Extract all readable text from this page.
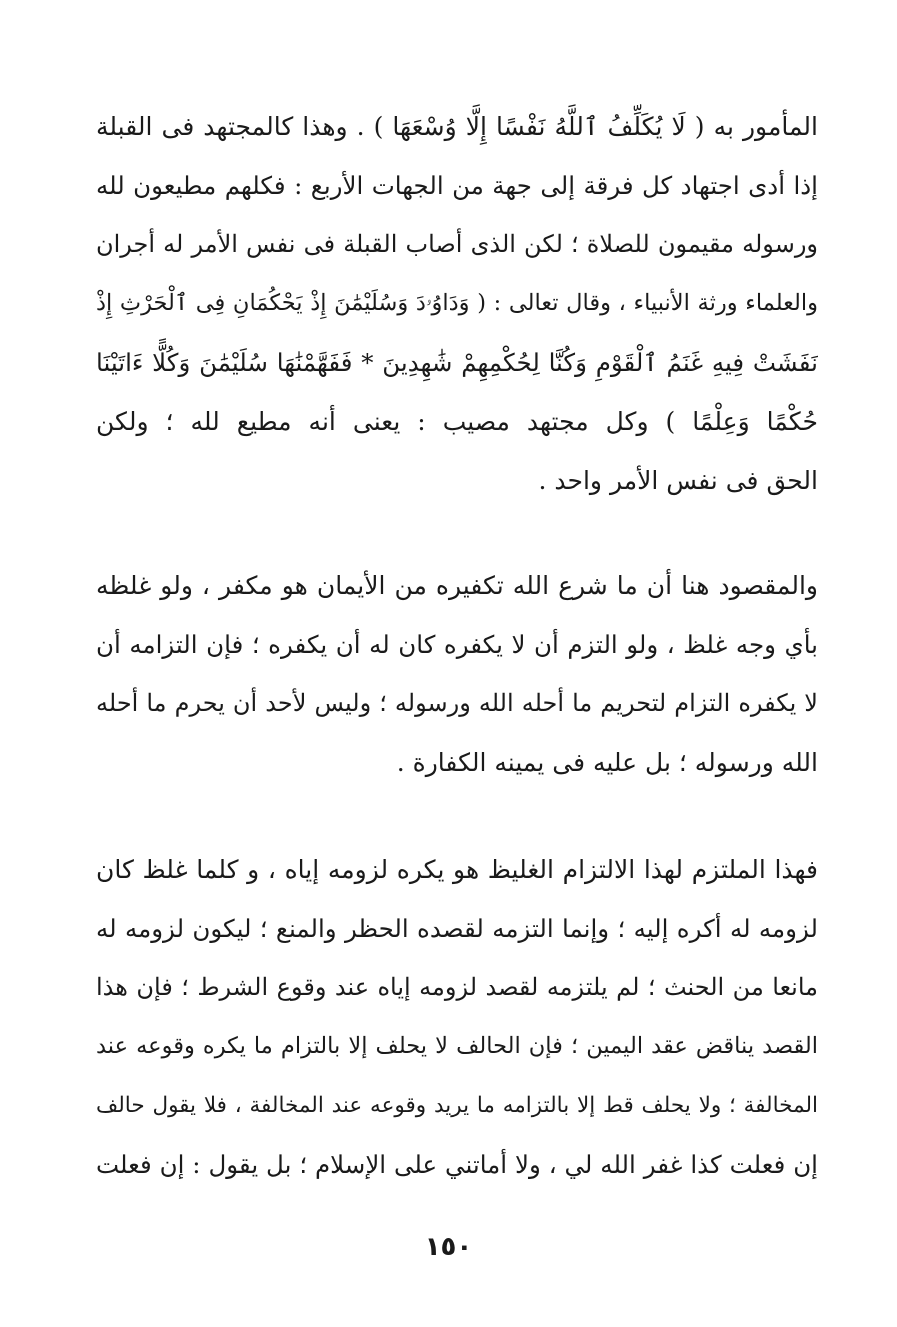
المأمور به ( لَا يُكَلِّفُ ٱللَّهُ نَفْسًا إِلَّا وُسْعَهَا ) . وهذا كالمجتهد فى القبلة
إذا أدى اجتهاد كل فرقة إلى جهة من الجهات الأربع : فكلهم مطيعون لله
ورسوله مقيمون للصلاة ؛ لكن الذى أصاب القبلة فى نفس الأمر له أجران
والعلماء ورثة الأنبياء ، وقال تعالى : ( وَدَاوُۥدَ وَسُلَيْمَٰنَ إِذْ يَحْكُمَانِ فِى ٱلْحَرْثِ إِذْ
نَفَشَتْ فِيهِ غَنَمُ ٱلْقَوْمِ وَكُنَّا لِحُكْمِهِمْ شَٰهِدِينَ * فَفَهَّمْنَٰهَا سُلَيْمَٰنَ وَكُلًّا ءَاتَيْنَا
حُكْمًا وَعِلْمًا ) وكل مجتهد مصيب : يعنى أنه مطيع لله ؛ ولكن
الحق فى نفس الأمر واحد .
والمقصود هنا أن ما شرع الله تكفيره من الأيمان هو مكفر ، ولو غلظه
بأي وجه غلظ ، ولو التزم أن لا يكفره كان له أن يكفره ؛ فإن التزامه أن
لا يكفره التزام لتحريم ما أحله الله ورسوله ؛ وليس لأحد أن يحرم ما أحله
الله ورسوله ؛ بل عليه فى يمينه الكفارة .
فهذا الملتزم لهذا الالتزام الغليظ هو يكره لزومه إياه ، و كلما غلظ كان
لزومه له أكره إليه ؛ وإنما التزمه لقصده الحظر والمنع ؛ ليكون لزومه له
مانعا من الحنث ؛ لم يلتزمه لقصد لزومه إياه عند وقوع الشرط ؛ فإن هذا
القصد يناقض عقد اليمين ؛ فإن الحالف لا يحلف إلا بالتزام ما يكره وقوعه عند
المخالفة ؛ ولا يحلف قط إلا بالتزامه ما يريد وقوعه عند المخالفة ، فلا يقول حالف
إن فعلت كذا غفر الله لي ، ولا أماتني على الإسلام ؛ بل يقول : إن فعلت
١٥٠
